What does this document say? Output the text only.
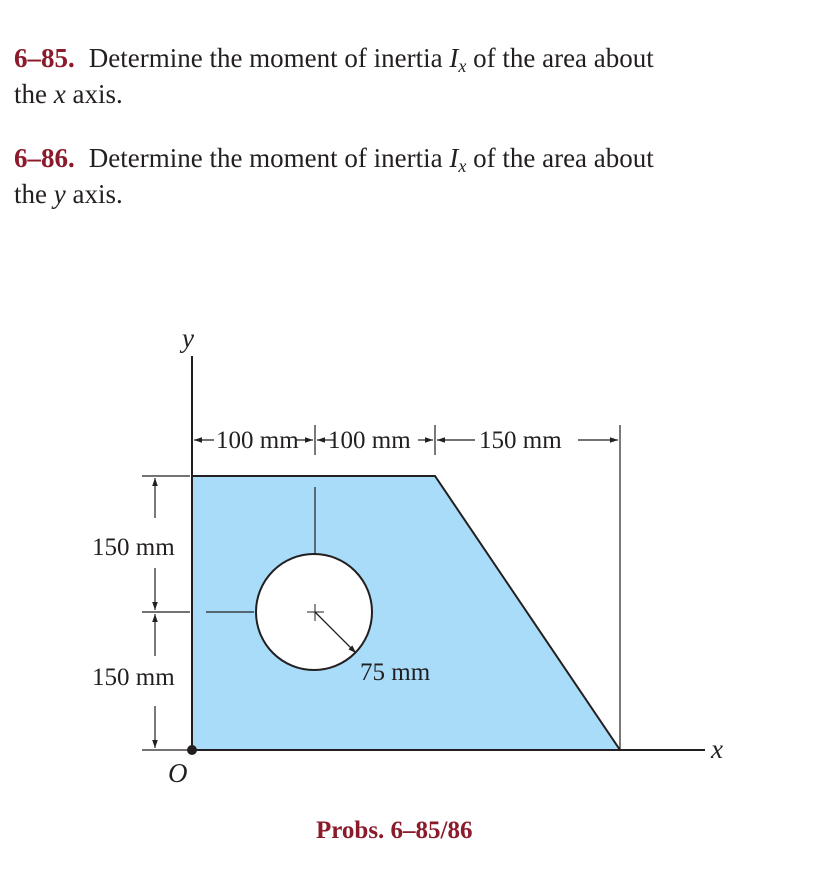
6–85. Determine the moment of inertia $I_x$ of the area about
the x axis.
6–86. Determine the moment of inertia $I_x$ of the area about
the y axis.
y
x
O
75 mm
100 mm 100 mm	150 mm
150 mm
150 mm
Probs. 6–85/86
